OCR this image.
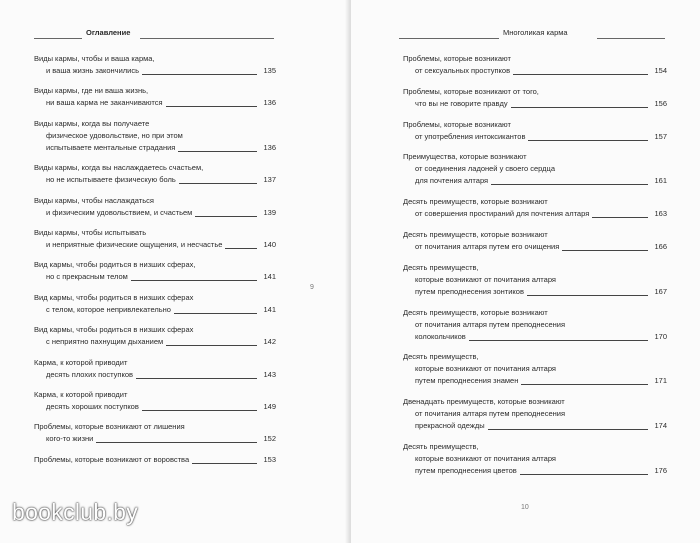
Оглавление
Виды кармы, чтобы и ваша карма,
и ваша жизнь закончились	135
Виды кармы, где ни ваша жизнь,
ни ваша карма не заканчиваются	136
Виды кармы, когда вы получаете
физическое удовольствие, но при этом
испытываете ментальные страдания	136
Виды кармы, когда вы наслаждаетесь счастьем,
но не испытываете физическую боль	137
Виды кармы, чтобы наслаждаться
и физическим удовольствием, и счастьем	139
Виды кармы, чтобы испытывать
и неприятные физические ощущения, и несчастье	140
Вид кармы, чтобы родиться в низших сферах,
но с прекрасным телом	141
Вид кармы, чтобы родиться в низших сферах
с телом, которое непривлекательно	141
Вид кармы, чтобы родиться в низших сферах
с неприятно пахнущим дыханием	142
Карма, к которой приводит
десять плохих поступков	143
Карма, к которой приводит
десять хороших поступков	149
Проблемы, которые возникают от лишения
кого-то жизни	152
Проблемы, которые возникают от воровства	153
9
Многоликая карма
Проблемы, которые возникают
от сексуальных проступков	154
Проблемы, которые возникают от того,
что вы не говорите правду	156
Проблемы, которые возникают
от употребления интоксикантов	157
Преимущества, которые возникают
от соединения ладоней у своего сердца
для почтения алтаря	161
Десять преимуществ, которые возникают
от совершения простираний для почтения алтаря	163
Десять преимуществ, которые возникают
от почитания алтаря путем его очищения	166
Десять преимуществ,
которые возникают от почитания алтаря
путем преподнесения зонтиков	167
Десять преимуществ, которые возникают
от почитания алтаря путем преподнесения
колокольчиков	170
Десять преимуществ,
которые возникают от почитания алтаря
путем преподнесения знамен	171
Двенадцать преимуществ, которые возникают
от почитания алтаря путем преподнесения
прекрасной одежды	174
Десять преимуществ,
которые возникают от почитания алтаря
путем преподнесения цветов	176
10
bookclub.by
